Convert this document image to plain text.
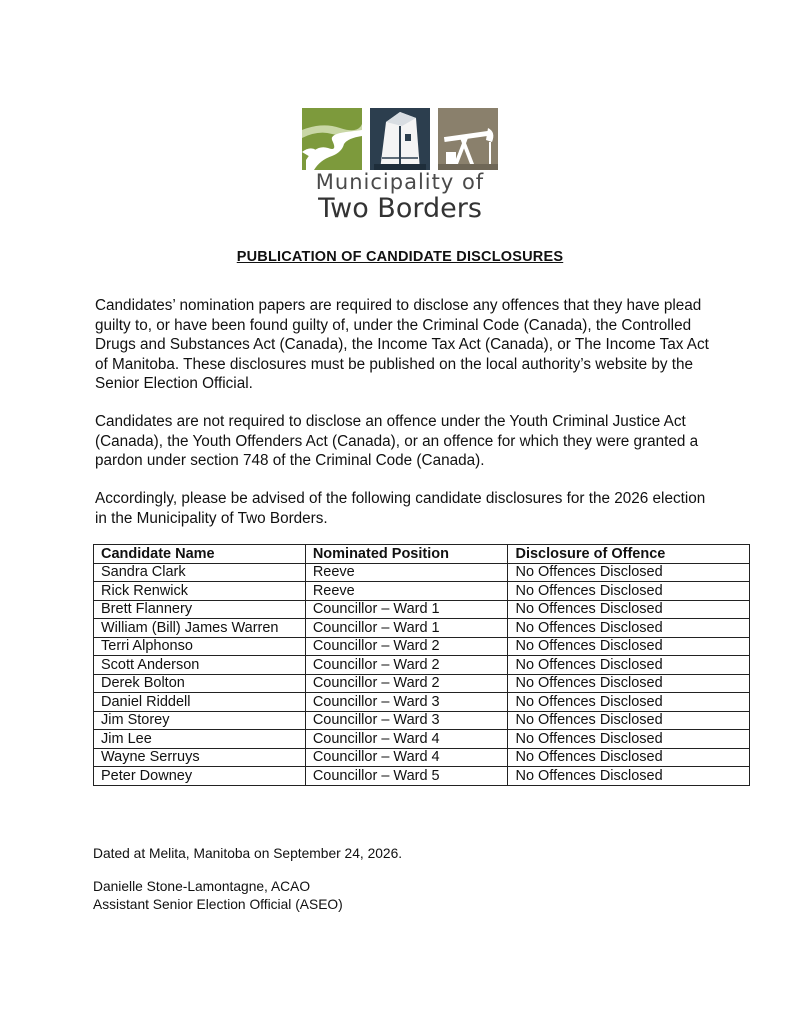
Municipality of
Two Borders
PUBLICATION OF CANDIDATE DISCLOSURES

Candidates’ nomination papers are required to disclose any offences that they have plead guilty to, or have been found guilty of, under the Criminal Code (Canada), the Controlled Drugs and Substances Act (Canada), the Income Tax Act (Canada), or The Income Tax Act of Manitoba. These disclosures must be published on the local authority’s website by the Senior Election Official.

Candidates are not required to disclose an offence under the Youth Criminal Justice Act (Canada), the Youth Offenders Act (Canada), or an offence for which they were granted a pardon under section 748 of the Criminal Code (Canada).

Accordingly, please be advised of the following candidate disclosures for the 2026 election in the Municipality of Two Borders.

Candidate Name	Nominated Position	Disclosure of Offence
Sandra Clark	Reeve	No Offences Disclosed
Rick Renwick	Reeve	No Offences Disclosed
Brett Flannery	Councillor – Ward 1	No Offences Disclosed
William (Bill) James Warren	Councillor – Ward 1	No Offences Disclosed
Terri Alphonso	Councillor – Ward 2	No Offences Disclosed
Scott Anderson	Councillor – Ward 2	No Offences Disclosed
Derek Bolton	Councillor – Ward 2	No Offences Disclosed
Daniel Riddell	Councillor – Ward 3	No Offences Disclosed
Jim Storey	Councillor – Ward 3	No Offences Disclosed
Jim Lee	Councillor – Ward 4	No Offences Disclosed
Wayne Serruys	Councillor – Ward 4	No Offences Disclosed
Peter Downey	Councillor – Ward 5	No Offences Disclosed

Dated at Melita, Manitoba on September 24, 2026.

Danielle Stone-Lamontagne, ACAO
Assistant Senior Election Official (ASEO)
